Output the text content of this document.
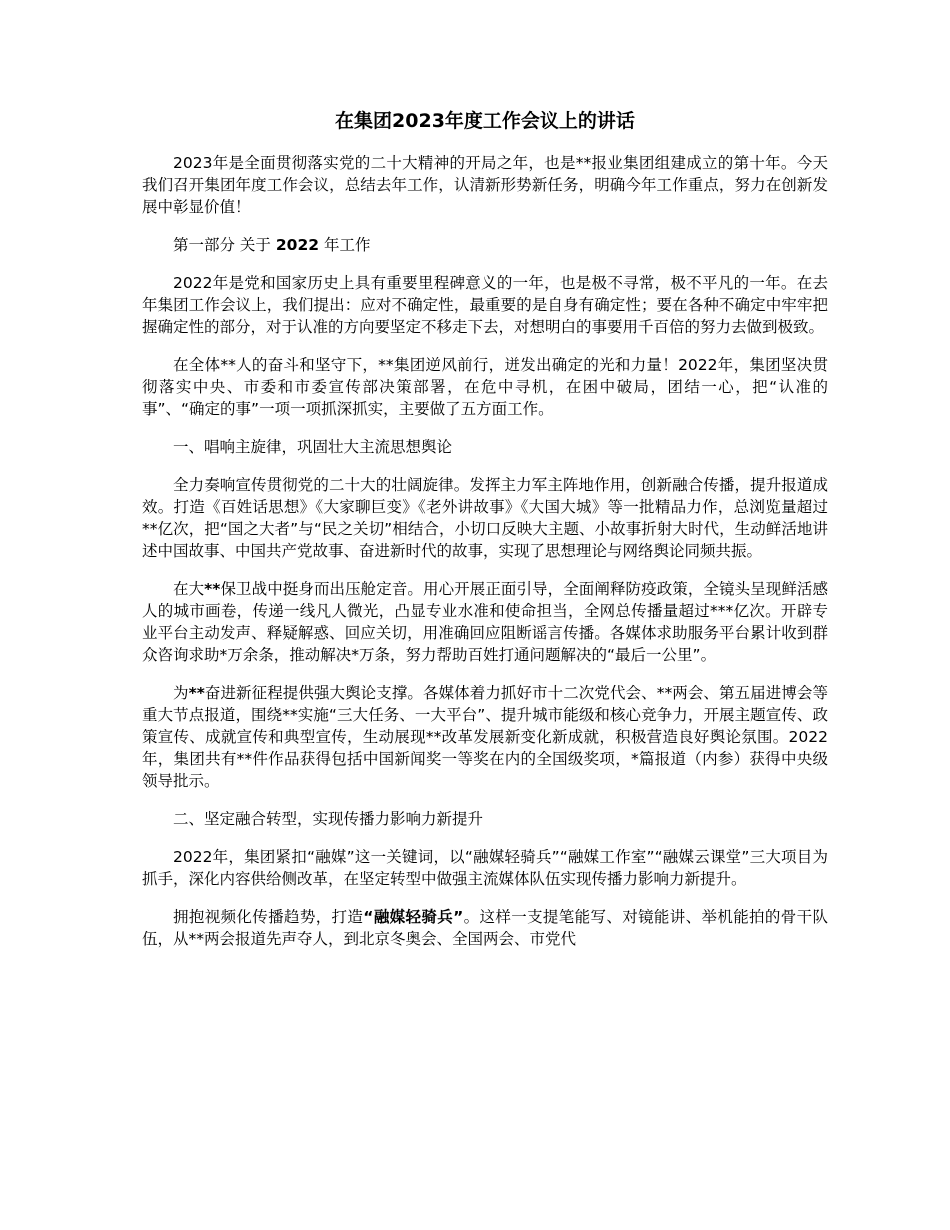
在集团2023年度工作会议上的讲话

2023年是全面贯彻落实党的二十大精神的开局之年，也是**报业集团组建成立的第十年。今天我们召开集团年度工作会议，总结去年工作，认清新形势新任务，明确今年工作重点，努力在创新发展中彰显价值！

第一部分 关于 2022 年工作

2022年是党和国家历史上具有重要里程碑意义的一年，也是极不寻常，极不平凡的一年。在去年集团工作会议上，我们提出：应对不确定性，最重要的是自身有确定性；要在各种不确定中牢牢把握确定性的部分，对于认准的方向要坚定不移走下去，对想明白的事要用千百倍的努力去做到极致。

在全体**人的奋斗和坚守下，**集团逆风前行，迸发出确定的光和力量！2022年，集团坚决贯彻落实中央、市委和市委宣传部决策部署，在危中寻机，在困中破局，团结一心，把“认准的事”、“确定的事”一项一项抓深抓实，主要做了五方面工作。

一、唱响主旋律，巩固壮大主流思想舆论

全力奏响宣传贯彻党的二十大的壮阔旋律。发挥主力军主阵地作用，创新融合传播，提升报道成效。打造《百姓话思想》《大家聊巨变》《老外讲故事》《大国大城》等一批精品力作，总浏览量超过**亿次，把“国之大者”与“民之关切”相结合，小切口反映大主题、小故事折射大时代，生动鲜活地讲述中国故事、中国共产党故事、奋进新时代的故事，实现了思想理论与网络舆论同频共振。

在大**保卫战中挺身而出压舱定音。用心开展正面引导，全面阐释防疫政策，全镜头呈现鲜活感人的城市画卷，传递一线凡人微光，凸显专业水准和使命担当，全网总传播量超过***亿次。开辟专业平台主动发声、释疑解惑、回应关切，用准确回应阻断谣言传播。各媒体求助服务平台累计收到群众咨询求助*万余条，推动解决*万条，努力帮助百姓打通问题解决的“最后一公里”。

为**奋进新征程提供强大舆论支撑。各媒体着力抓好市十二次党代会、**两会、第五届进博会等重大节点报道，围绕**实施“三大任务、一大平台”、提升城市能级和核心竞争力，开展主题宣传、政策宣传、成就宣传和典型宣传，生动展现**改革发展新变化新成就，积极营造良好舆论氛围。2022年，集团共有**件作品获得包括中国新闻奖一等奖在内的全国级奖项，*篇报道（内参）获得中央级领导批示。

二、坚定融合转型，实现传播力影响力新提升

2022年，集团紧扣“融媒”这一关键词，以“融媒轻骑兵”“融媒工作室”“融媒云课堂”三大项目为抓手，深化内容供给侧改革，在坚定转型中做强主流媒体队伍实现传播力影响力新提升。

拥抱视频化传播趋势，打造“融媒轻骑兵”。这样一支提笔能写、对镜能讲、举机能拍的骨干队伍，从**两会报道先声夺人，到北京冬奥会、全国两会、市党代
